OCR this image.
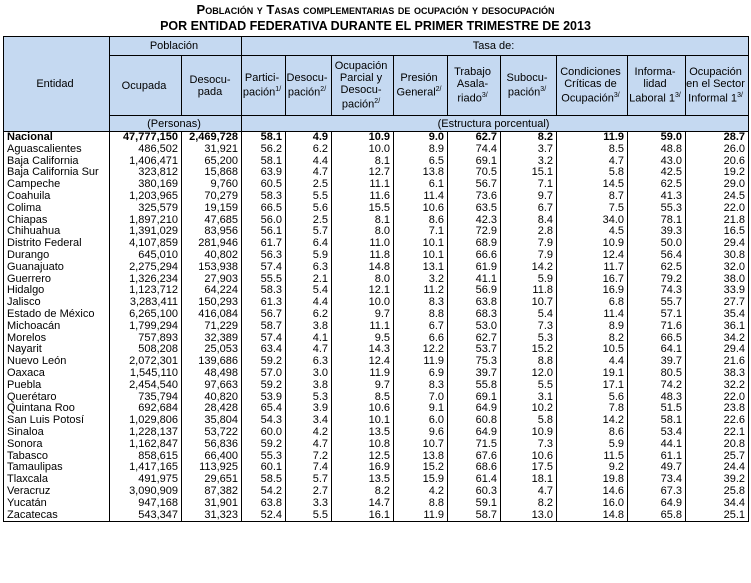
Población y Tasas complementarias de ocupación y desocupación
POR ENTIDAD FEDERATIVA DURANTE EL PRIMER TRIMESTRE DE 2013
Entidad	Población		Tasa de:								
	Ocupada	Desocu-pada	Partici-pación$^{1/}$	Desocu-pación$^{2/}$	Ocupación Parcial y Desocu-pación$^{2/}$	Presión General$^{2/}$	Trabajo Asala-riado$^{3/}$	Subocu-pación$^{3/}$	Condiciones Críticas de Ocupación$^{3/}$	Informa-lidad Laboral $1^{3/}$	Ocupación en el Sector Informal $1^{3/}$
	(Personas)		(Estructura porcentual)								
Nacional	47,777,150	2,469,728	58.1	4.9	10.9	9.0	62.7	8.2	11.9	59.0	28.7
Aguascalientes	486,502	31,921	56.2	6.2	10.0	8.9	74.4	3.7	8.5	48.8	26.0
Baja California	1,406,471	65,200	58.1	4.4	8.1	6.5	69.1	3.2	4.7	43.0	20.6
Baja California Sur	323,812	15,868	63.9	4.7	12.7	13.8	70.5	15.1	5.8	42.5	19.2
Campeche	380,169	9,760	60.5	2.5	11.1	6.1	56.7	7.1	14.5	62.5	29.0
Coahuila	1,203,965	70,279	58.3	5.5	11.6	11.4	73.6	9.7	8.7	41.3	24.5
Colima	325,579	19,159	66.5	5.6	15.5	10.6	63.5	6.7	7.5	55.3	22.0
Chiapas	1,897,210	47,685	56.0	2.5	8.1	8.6	42.3	8.4	34.0	78.1	21.8
Chihuahua	1,391,029	83,956	56.1	5.7	8.0	7.1	72.9	2.8	4.5	39.3	16.5
Distrito Federal	4,107,859	281,946	61.7	6.4	11.0	10.1	68.9	7.9	10.9	50.0	29.4
Durango	645,010	40,802	56.3	5.9	11.8	10.1	66.6	7.9	12.4	56.4	30.8
Guanajuato	2,275,294	153,938	57.4	6.3	14.8	13.1	61.9	14.2	11.7	62.5	32.0
Guerrero	1,326,234	27,903	55.5	2.1	8.0	3.2	41.1	5.9	16.7	79.2	38.0
Hidalgo	1,123,712	64,224	58.3	5.4	12.1	11.2	56.9	11.8	16.9	74.3	33.9
Jalisco	3,283,411	150,293	61.3	4.4	10.0	8.3	63.8	10.7	6.8	55.7	27.7
Estado de México	6,265,100	416,084	56.7	6.2	9.7	8.8	68.3	5.4	11.4	57.1	35.4
Michoacán	1,799,294	71,229	58.7	3.8	11.1	6.7	53.0	7.3	8.9	71.6	36.1
Morelos	757,893	32,389	57.4	4.1	9.5	6.6	62.7	5.3	8.2	66.5	34.2
Nayarit	508,208	25,053	63.4	4.7	14.3	12.2	53.7	15.2	10.5	64.1	29.4
Nuevo León	2,072,301	139,686	59.2	6.3	12.4	11.9	75.3	8.8	4.4	39.7	21.6
Oaxaca	1,545,110	48,498	57.0	3.0	11.9	6.9	39.7	12.0	19.1	80.5	38.3
Puebla	2,454,540	97,663	59.2	3.8	9.7	8.3	55.8	5.5	17.1	74.2	32.2
Querétaro	735,794	40,820	53.9	5.3	8.5	7.0	69.1	3.1	5.6	48.3	22.0
Quintana Roo	692,684	28,428	65.4	3.9	10.6	9.1	64.9	10.2	7.8	51.5	23.8
San Luis Potosí	1,029,806	35,804	54.3	3.4	10.1	6.0	60.8	5.8	14.2	58.1	22.6
Sinaloa	1,228,137	53,722	60.0	4.2	13.5	9.6	64.9	10.9	8.6	53.4	22.1
Sonora	1,162,847	56,836	59.2	4.7	10.8	10.7	71.5	7.3	5.9	44.1	20.8
Tabasco	858,615	66,400	55.3	7.2	12.5	13.8	67.6	10.6	11.5	61.1	25.7
Tamaulipas	1,417,165	113,925	60.1	7.4	16.9	15.2	68.6	17.5	9.2	49.7	24.4
Tlaxcala	491,975	29,651	58.5	5.7	13.5	15.9	61.4	18.1	19.8	73.4	39.2
Veracruz	3,090,909	87,382	54.2	2.7	8.2	4.2	60.3	4.7	14.6	67.3	25.8
Yucatán	947,168	31,901	63.8	3.3	14.7	8.8	59.1	8.2	16.0	64.9	34.4
Zacatecas	543,347	31,323	52.4	5.5	16.1	11.9	58.7	13.0	14.8	65.8	25.1
